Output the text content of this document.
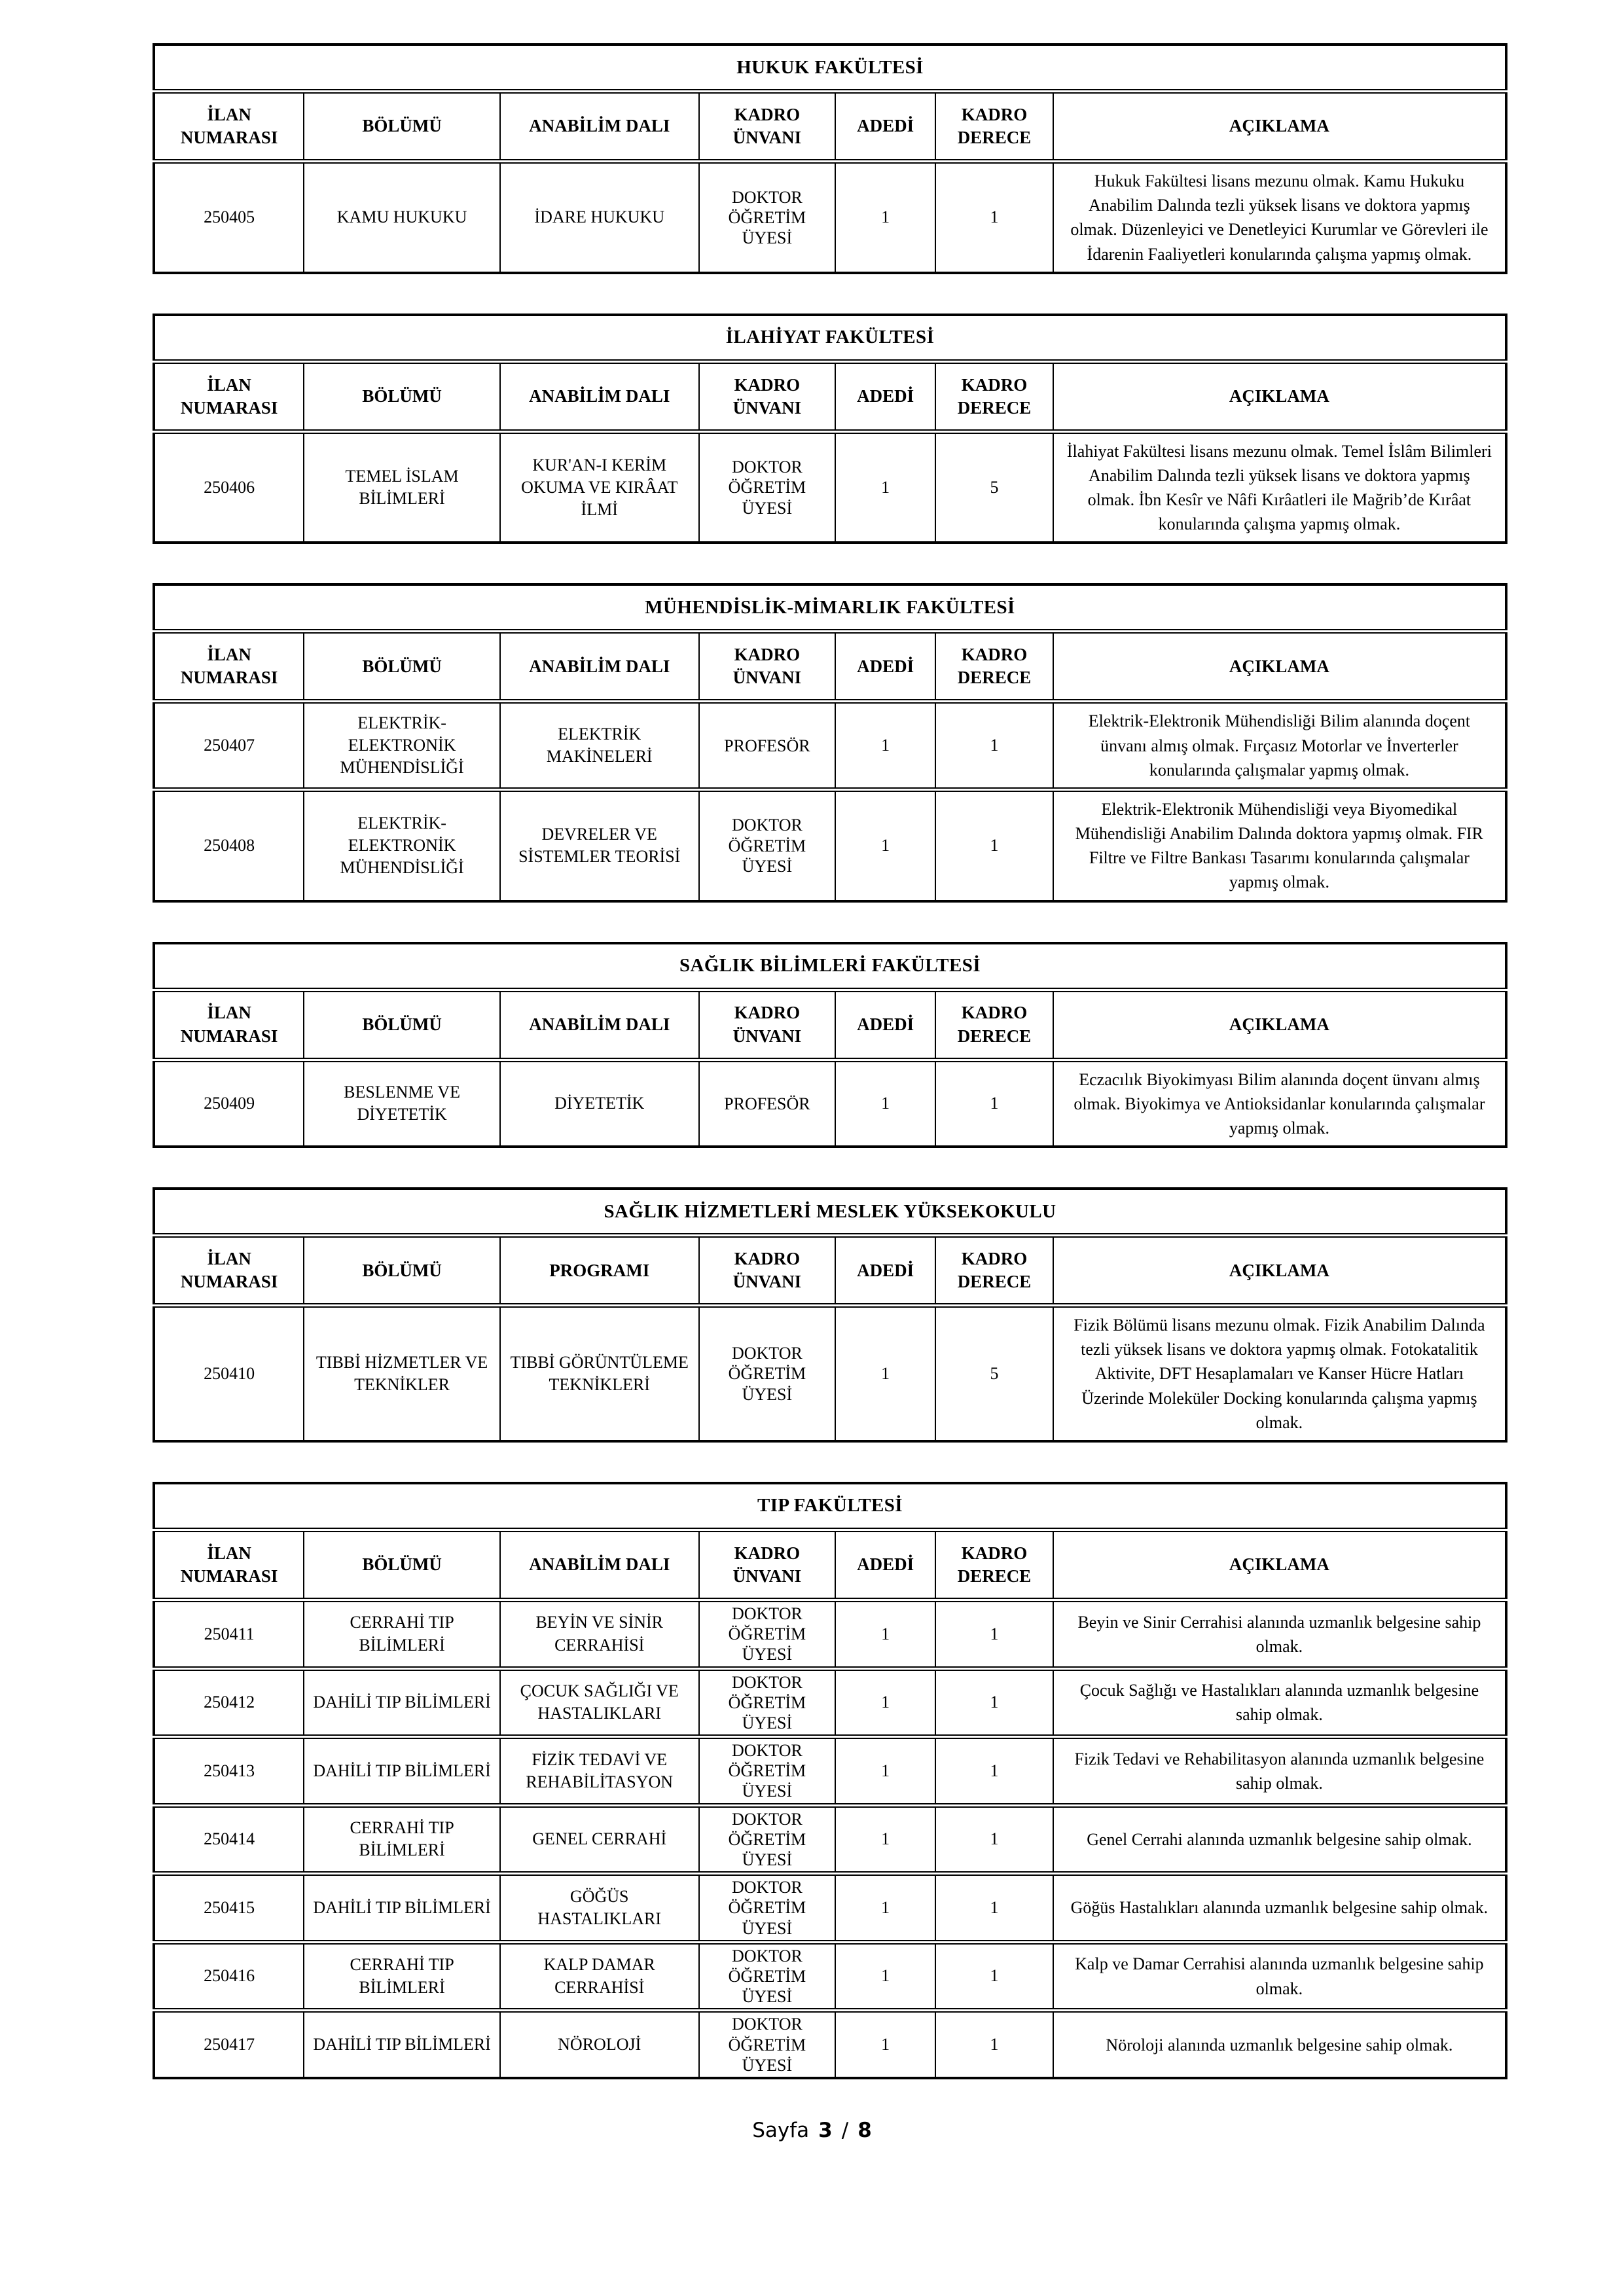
HUKUK FAKÜLTESİ						
İLAN NUMARASI	BÖLÜMÜ	ANABİLİM DALI	KADRO ÜNVANI	ADEDİ	KADRO DERECE	AÇIKLAMA
250405	KAMU HUKUKU	İDARE HUKUKU	DOKTOR ÖĞRETİM ÜYESİ	1	1	Hukuk Fakültesi lisans mezunu olmak. Kamu Hukuku Anabilim Dalında tezli yüksek lisans ve doktora yapmış olmak. Düzenleyici ve Denetleyici Kurumlar ve Görevleri ile İdarenin Faaliyetleri konularında çalışma yapmış olmak.
İLAHİYAT FAKÜLTESİ						
İLAN NUMARASI	BÖLÜMÜ	ANABİLİM DALI	KADRO ÜNVANI	ADEDİ	KADRO DERECE	AÇIKLAMA
250406	TEMEL İSLAM BİLİMLERİ	KUR'AN-I KERİM OKUMA VE KIRÂAT İLMİ	DOKTOR ÖĞRETİM ÜYESİ	1	5	İlahiyat Fakültesi lisans mezunu olmak. Temel İslâm Bilimleri Anabilim Dalında tezli yüksek lisans ve doktora yapmış olmak. İbn Kesîr ve Nâfi Kırâatleri ile Mağrib’de Kırâat konularında çalışma yapmış olmak.
MÜHENDİSLİK-MİMARLIK FAKÜLTESİ						
İLAN NUMARASI	BÖLÜMÜ	ANABİLİM DALI	KADRO ÜNVANI	ADEDİ	KADRO DERECE	AÇIKLAMA
250407	ELEKTRİK-ELEKTRONİK MÜHENDİSLİĞİ	ELEKTRİK MAKİNELERİ	PROFESÖR	1	1	Elektrik-Elektronik Mühendisliği Bilim alanında doçent ünvanı almış olmak. Fırçasız Motorlar ve İnverterler konularında çalışmalar yapmış olmak.
250408	ELEKTRİK-ELEKTRONİK MÜHENDİSLİĞİ	DEVRELER VE SİSTEMLER TEORİSİ	DOKTOR ÖĞRETİM ÜYESİ	1	1	Elektrik-Elektronik Mühendisliği veya Biyomedikal Mühendisliği Anabilim Dalında doktora yapmış olmak. FIR Filtre ve Filtre Bankası Tasarımı konularında çalışmalar yapmış olmak.
SAĞLIK BİLİMLERİ FAKÜLTESİ						
İLAN NUMARASI	BÖLÜMÜ	ANABİLİM DALI	KADRO ÜNVANI	ADEDİ	KADRO DERECE	AÇIKLAMA
250409	BESLENME VE DİYETETİK	DİYETETİK	PROFESÖR	1	1	Eczacılık Biyokimyası Bilim alanında doçent ünvanı almış olmak. Biyokimya ve Antioksidanlar konularında çalışmalar yapmış olmak.
SAĞLIK HİZMETLERİ MESLEK YÜKSEKOKULU						
İLAN NUMARASI	BÖLÜMÜ	PROGRAMI	KADRO ÜNVANI	ADEDİ	KADRO DERECE	AÇIKLAMA
250410	TIBBİ HİZMETLER VE TEKNİKLER	TIBBİ GÖRÜNTÜLEME TEKNİKLERİ	DOKTOR ÖĞRETİM ÜYESİ	1	5	Fizik Bölümü lisans mezunu olmak. Fizik Anabilim Dalında tezli yüksek lisans ve doktora yapmış olmak. Fotokatalitik Aktivite, DFT Hesaplamaları ve Kanser Hücre Hatları Üzerinde Moleküler Docking konularında çalışma yapmış olmak.
TIP FAKÜLTESİ						
İLAN NUMARASI	BÖLÜMÜ	ANABİLİM DALI	KADRO ÜNVANI	ADEDİ	KADRO DERECE	AÇIKLAMA
250411	CERRAHİ TIP BİLİMLERİ	BEYİN VE SİNİR CERRAHİSİ	DOKTOR ÖĞRETİM ÜYESİ	1	1	Beyin ve Sinir Cerrahisi alanında uzmanlık belgesine sahip olmak.
250412	DAHİLİ TIP BİLİMLERİ	ÇOCUK SAĞLIĞI VE HASTALIKLARI	DOKTOR ÖĞRETİM ÜYESİ	1	1	Çocuk Sağlığı ve Hastalıkları alanında uzmanlık belgesine sahip olmak.
250413	DAHİLİ TIP BİLİMLERİ	FİZİK TEDAVİ VE REHABİLİTASYON	DOKTOR ÖĞRETİM ÜYESİ	1	1	Fizik Tedavi ve Rehabilitasyon alanında uzmanlık belgesine sahip olmak.
250414	CERRAHİ TIP BİLİMLERİ	GENEL CERRAHİ	DOKTOR ÖĞRETİM ÜYESİ	1	1	Genel Cerrahi alanında uzmanlık belgesine sahip olmak.
250415	DAHİLİ TIP BİLİMLERİ	GÖĞÜS HASTALIKLARI	DOKTOR ÖĞRETİM ÜYESİ	1	1	Göğüs Hastalıkları alanında uzmanlık belgesine sahip olmak.
250416	CERRAHİ TIP BİLİMLERİ	KALP DAMAR CERRAHİSİ	DOKTOR ÖĞRETİM ÜYESİ	1	1	Kalp ve Damar Cerrahisi alanında uzmanlık belgesine sahip olmak.
250417	DAHİLİ TIP BİLİMLERİ	NÖROLOJİ	DOKTOR ÖĞRETİM ÜYESİ	1	1	Nöroloji alanında uzmanlık belgesine sahip olmak.
Sayfa 3 / 8
